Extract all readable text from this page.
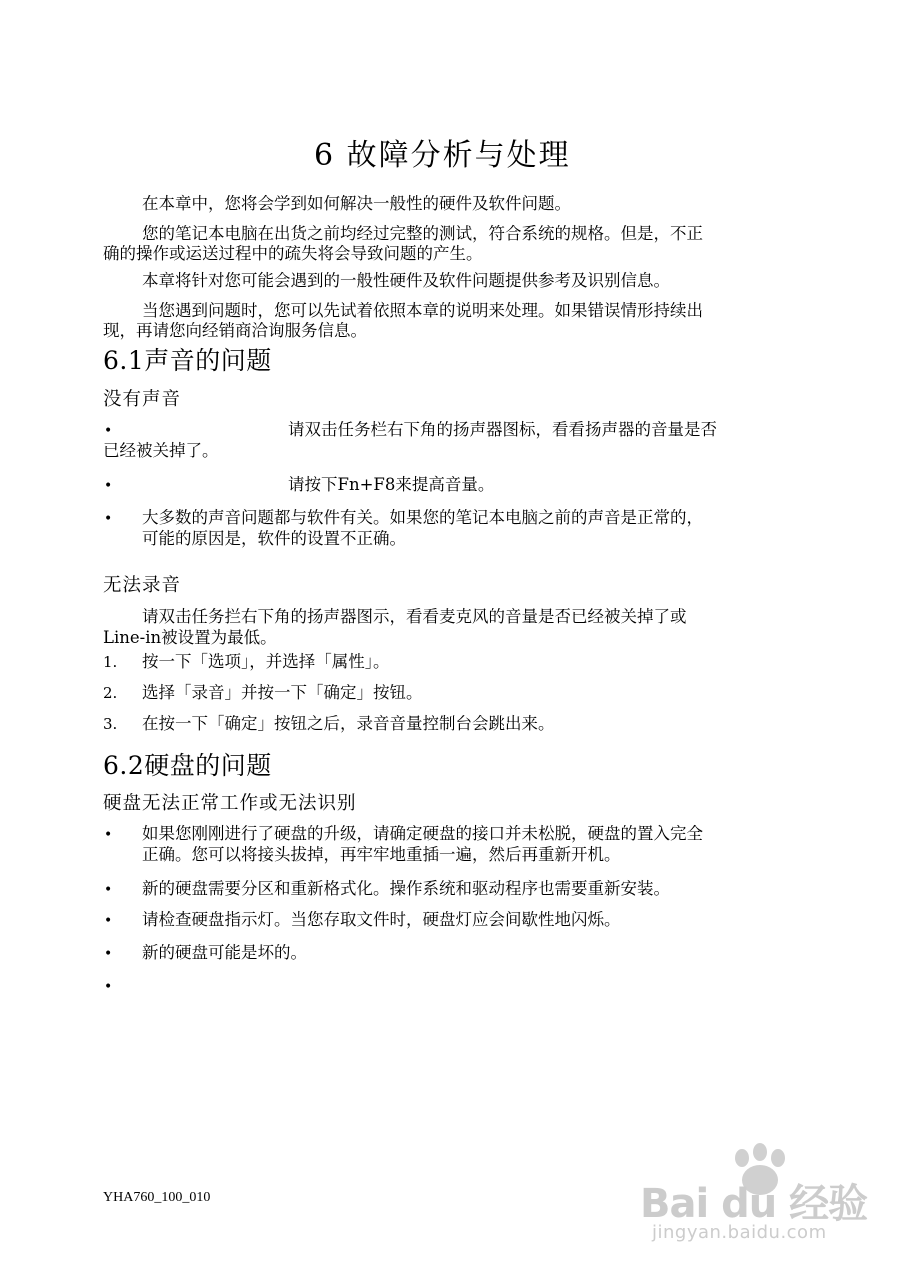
6 故障分析与处理
在本章中，您将会学到如何解决一般性的硬件及软件问题。
您的笔记本电脑在出货之前均经过完整的测试，符合系统的规格。但是，不正
确的操作或运送过程中的疏失将会导致问题的产生。
本章将针对您可能会遇到的一般性硬件及软件问题提供参考及识别信息。
当您遇到问题时，您可以先试着依照本章的说明来处理。如果错误情形持续出
现，再请您向经销商洽询服务信息。
6.1声音的问题
没有声音
•	请双击任务栏右下角的扬声器图标，看看扬声器的音量是否
已经被关掉了。
•	请按下Fn+F8来提高音量。
• 大多数的声音问题都与软件有关。如果您的笔记本电脑之前的声音是正常的，
可能的原因是，软件的设置不正确。
无法录音
请双击任务拦右下角的扬声器图示，看看麦克风的音量是否已经被关掉了或
Line-in被设置为最低。
1. 按一下「选项」，并选择「属性」。
2. 选择「录音」并按一下「确定」按钮。
3. 在按一下「确定」按钮之后，录音音量控制台会跳出来。
6.2硬盘的问题
硬盘无法正常工作或无法识别
• 如果您刚刚进行了硬盘的升级，请确定硬盘的接口并未松脱，硬盘的置入完全
正确。您可以将接头拔掉，再牢牢地重插一遍，然后再重新开机。
• 新的硬盘需要分区和重新格式化。操作系统和驱动程序也需要重新安装。
• 请检查硬盘指示灯。当您存取文件时，硬盘灯应会间歇性地闪烁。
• 新的硬盘可能是坏的。
•
YHA760_100_010	Bai du 经验
jingyan.baidu.com
